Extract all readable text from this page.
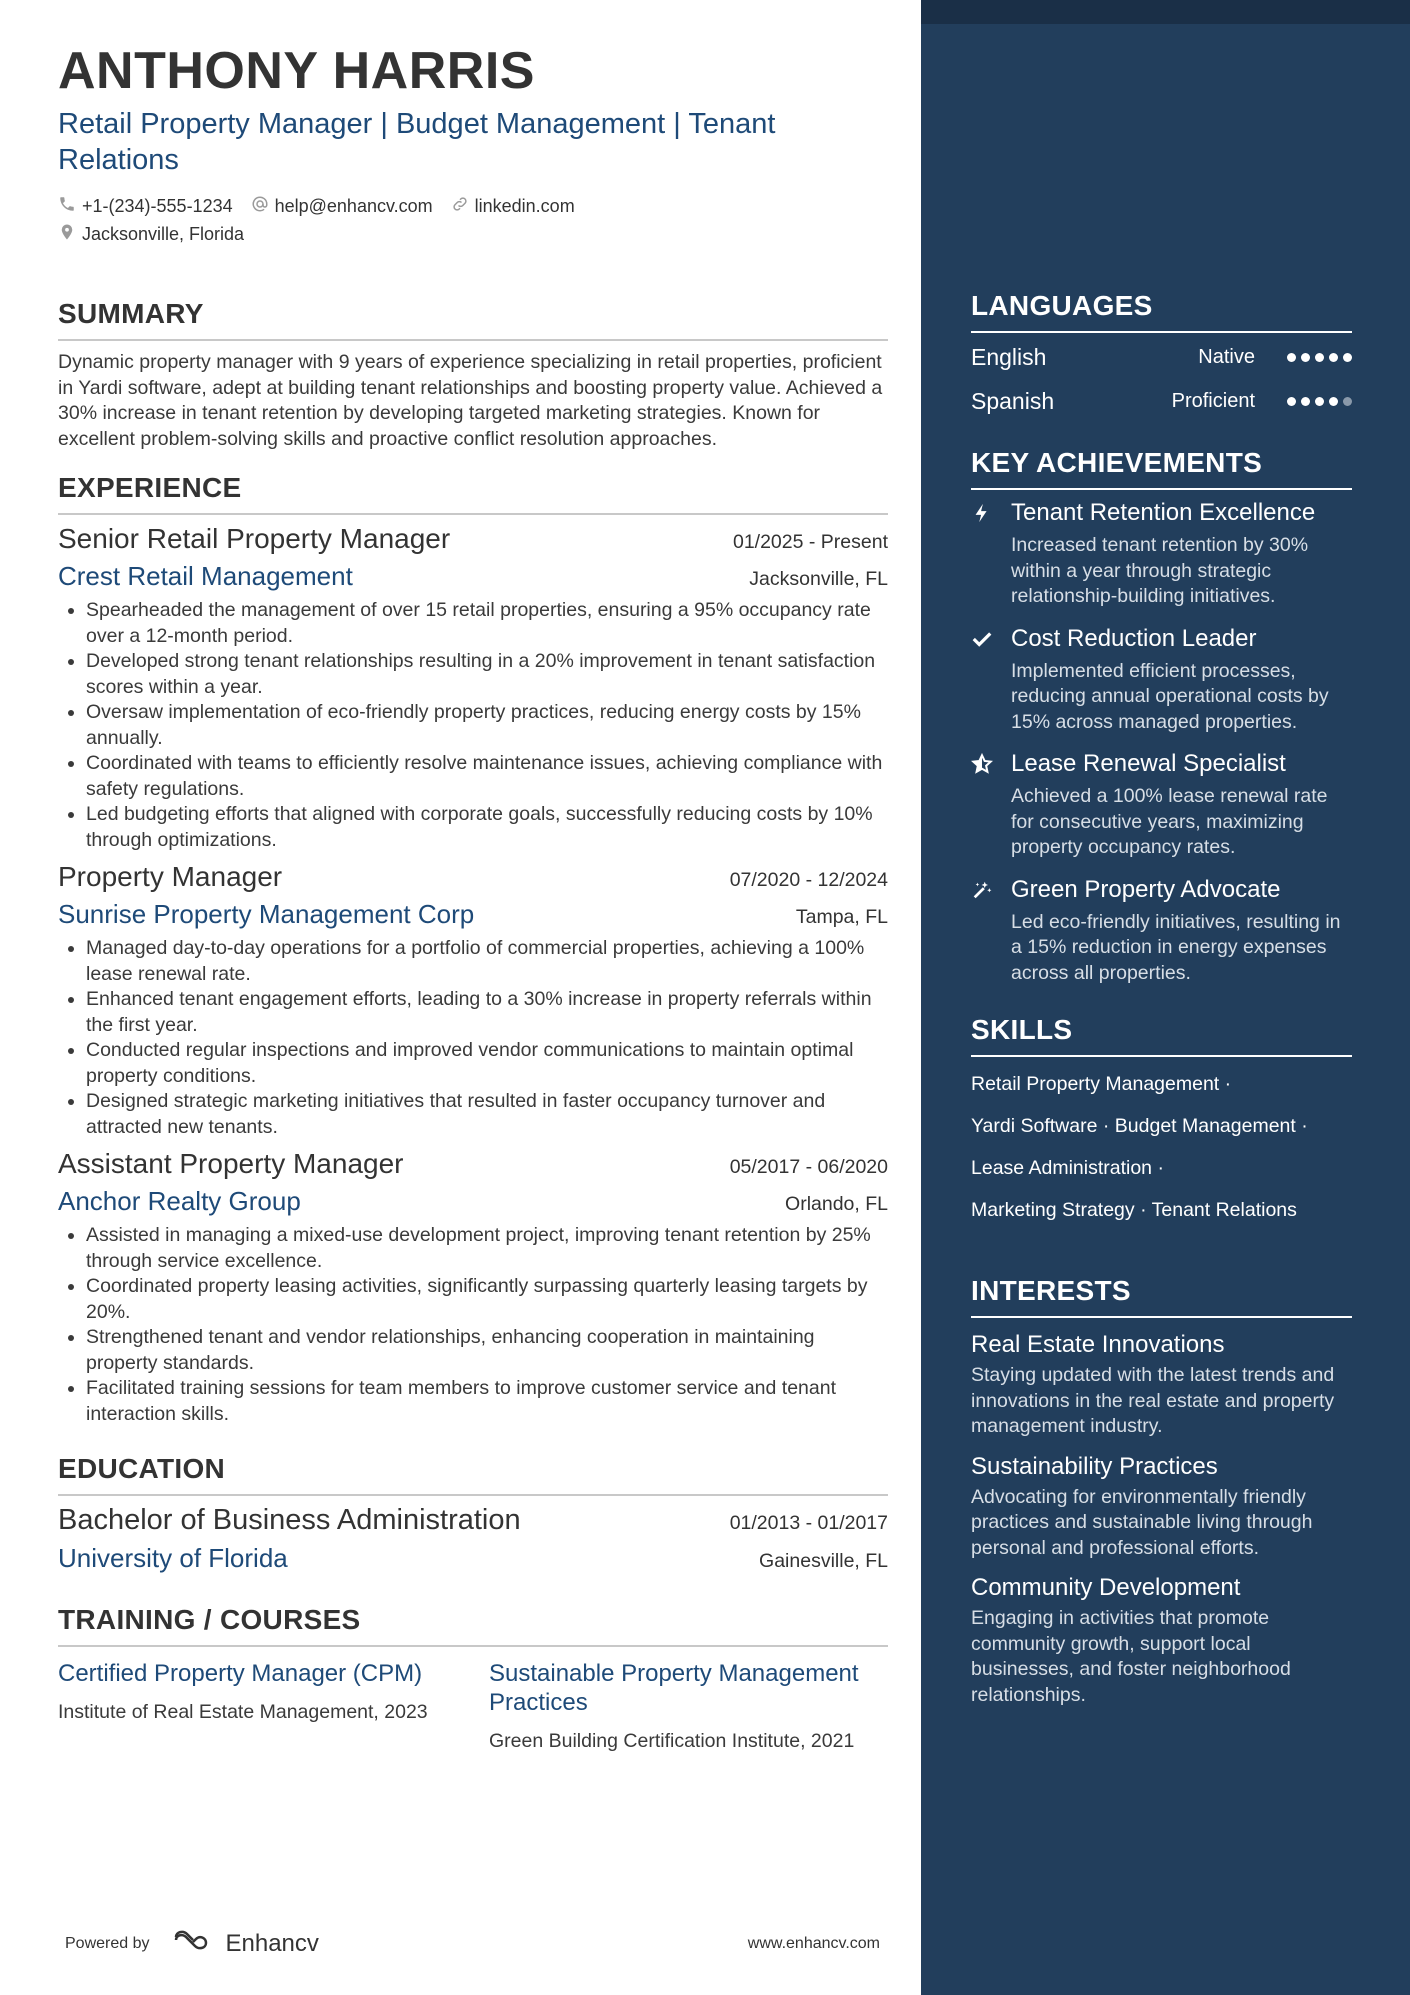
ANTHONY HARRIS
Retail Property Manager | Budget Management | Tenant Relations
+1-(234)-555-1234 help@enhancv.com linkedin.com
Jacksonville, Florida
SUMMARY
Dynamic property manager with 9 years of experience specializing in retail properties, proficient in Yardi software, adept at building tenant relationships and boosting property value. Achieved a 30% increase in tenant retention by developing targeted marketing strategies. Known for excellent problem-solving skills and proactive conflict resolution approaches.
EXPERIENCE
Senior Retail Property Manager	01/2025 - Present
Crest Retail Management	Jacksonville, FL
• Spearheaded the management of over 15 retail properties, ensuring a 95% occupancy rate over a 12-month period.
• Developed strong tenant relationships resulting in a 20% improvement in tenant satisfaction scores within a year.
• Oversaw implementation of eco-friendly property practices, reducing energy costs by 15% annually.
• Coordinated with teams to efficiently resolve maintenance issues, achieving compliance with safety regulations.
• Led budgeting efforts that aligned with corporate goals, successfully reducing costs by 10% through optimizations.
Property Manager	07/2020 - 12/2024
Sunrise Property Management Corp	Tampa, FL
• Managed day-to-day operations for a portfolio of commercial properties, achieving a 100% lease renewal rate.
• Enhanced tenant engagement efforts, leading to a 30% increase in property referrals within the first year.
• Conducted regular inspections and improved vendor communications to maintain optimal property conditions.
• Designed strategic marketing initiatives that resulted in faster occupancy turnover and attracted new tenants.
Assistant Property Manager	05/2017 - 06/2020
Anchor Realty Group	Orlando, FL
• Assisted in managing a mixed-use development project, improving tenant retention by 25% through service excellence.
• Coordinated property leasing activities, significantly surpassing quarterly leasing targets by 20%.
• Strengthened tenant and vendor relationships, enhancing cooperation in maintaining property standards.
• Facilitated training sessions for team members to improve customer service and tenant interaction skills.
EDUCATION
Bachelor of Business Administration	01/2013 - 01/2017
University of Florida	Gainesville, FL
TRAINING / COURSES
Certified Property Manager (CPM)
Institute of Real Estate Management, 2023
Sustainable Property Management Practices
Green Building Certification Institute, 2021
Powered by	Enhancv	www.enhancv.com
LANGUAGES
English	Native
Spanish	Proficient
KEY ACHIEVEMENTS
Tenant Retention Excellence
Increased tenant retention by 30% within a year through strategic relationship-building initiatives.
Cost Reduction Leader
Implemented efficient processes, reducing annual operational costs by 15% across managed properties.
Lease Renewal Specialist
Achieved a 100% lease renewal rate for consecutive years, maximizing property occupancy rates.
Green Property Advocate
Led eco-friendly initiatives, resulting in a 15% reduction in energy expenses across all properties.
SKILLS
Retail Property Management ·
Yardi Software · Budget Management ·
Lease Administration ·
Marketing Strategy · Tenant Relations
INTERESTS
Real Estate Innovations
Staying updated with the latest trends and innovations in the real estate and property management industry.
Sustainability Practices
Advocating for environmentally friendly practices and sustainable living through personal and professional efforts.
Community Development
Engaging in activities that promote community growth, support local businesses, and foster neighborhood relationships.
